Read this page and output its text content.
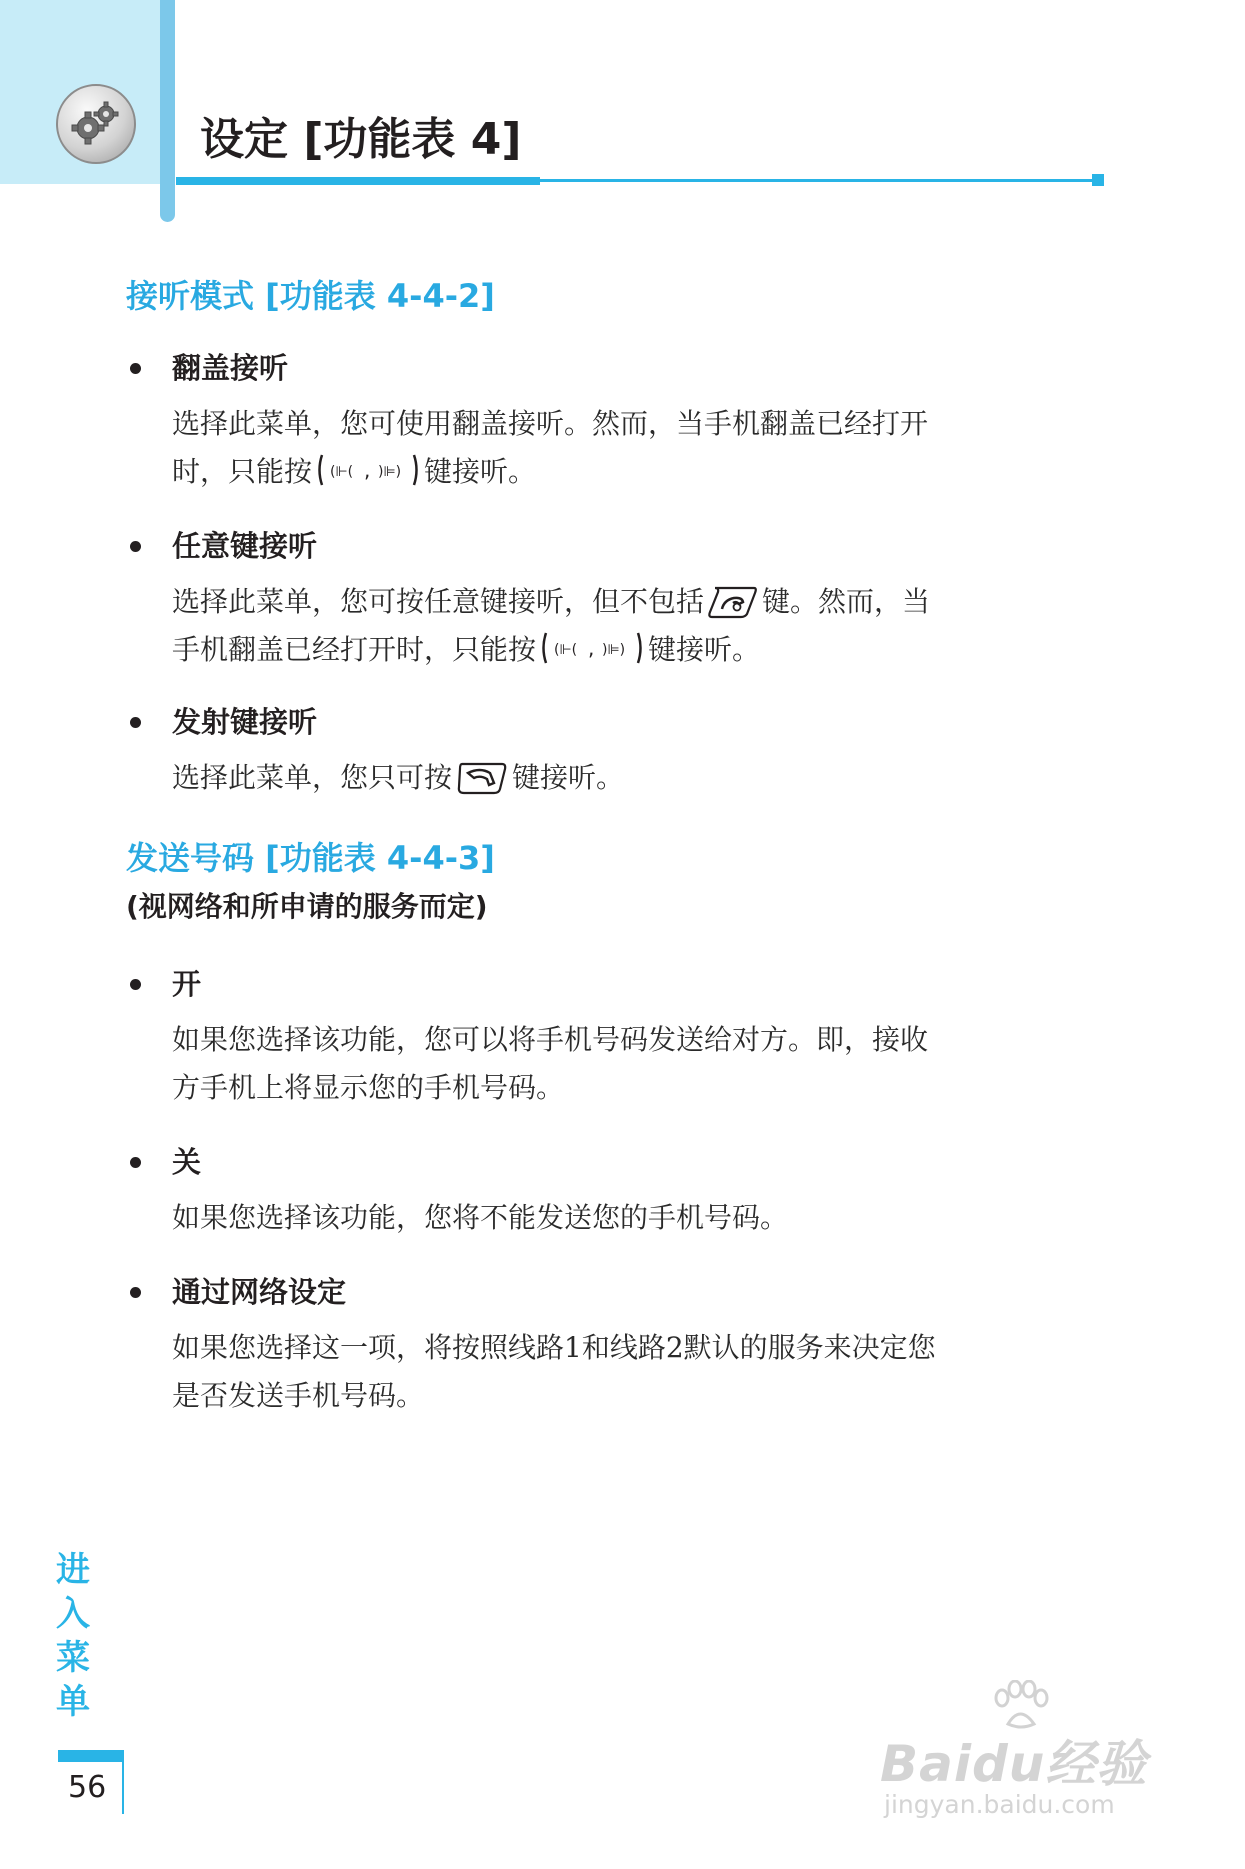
设定 [功能表 4]
接听模式 [功能表 4-4-2]
翻盖接听

选择此菜单，您可使用翻盖接听。然而，当手机翻盖已经打开

时，只能按 (⊩( , )⊫) 键接听。

任意键接听

选择此菜单，您可按任意键接听，但不包括 键。然而，当

手机翻盖已经打开时，只能按 (⊩( , )⊫) 键接听。

发射键接听

选择此菜单，您只可按 键接听。

发送号码 [功能表 4-4-3]

(视网络和所申请的服务而定)

开

如果您选择该功能，您可以将手机号码发送给对方。即，接收

方手机上将显示您的手机号码。

关

如果您选择该功能，您将不能发送您的手机号码。

通过网络设定

如果您选择这一项，将按照线路1和线路2默认的服务来决定您

是否发送手机号码。

进
入
菜
单
56	Baidu经验
jingyan.baidu.com
